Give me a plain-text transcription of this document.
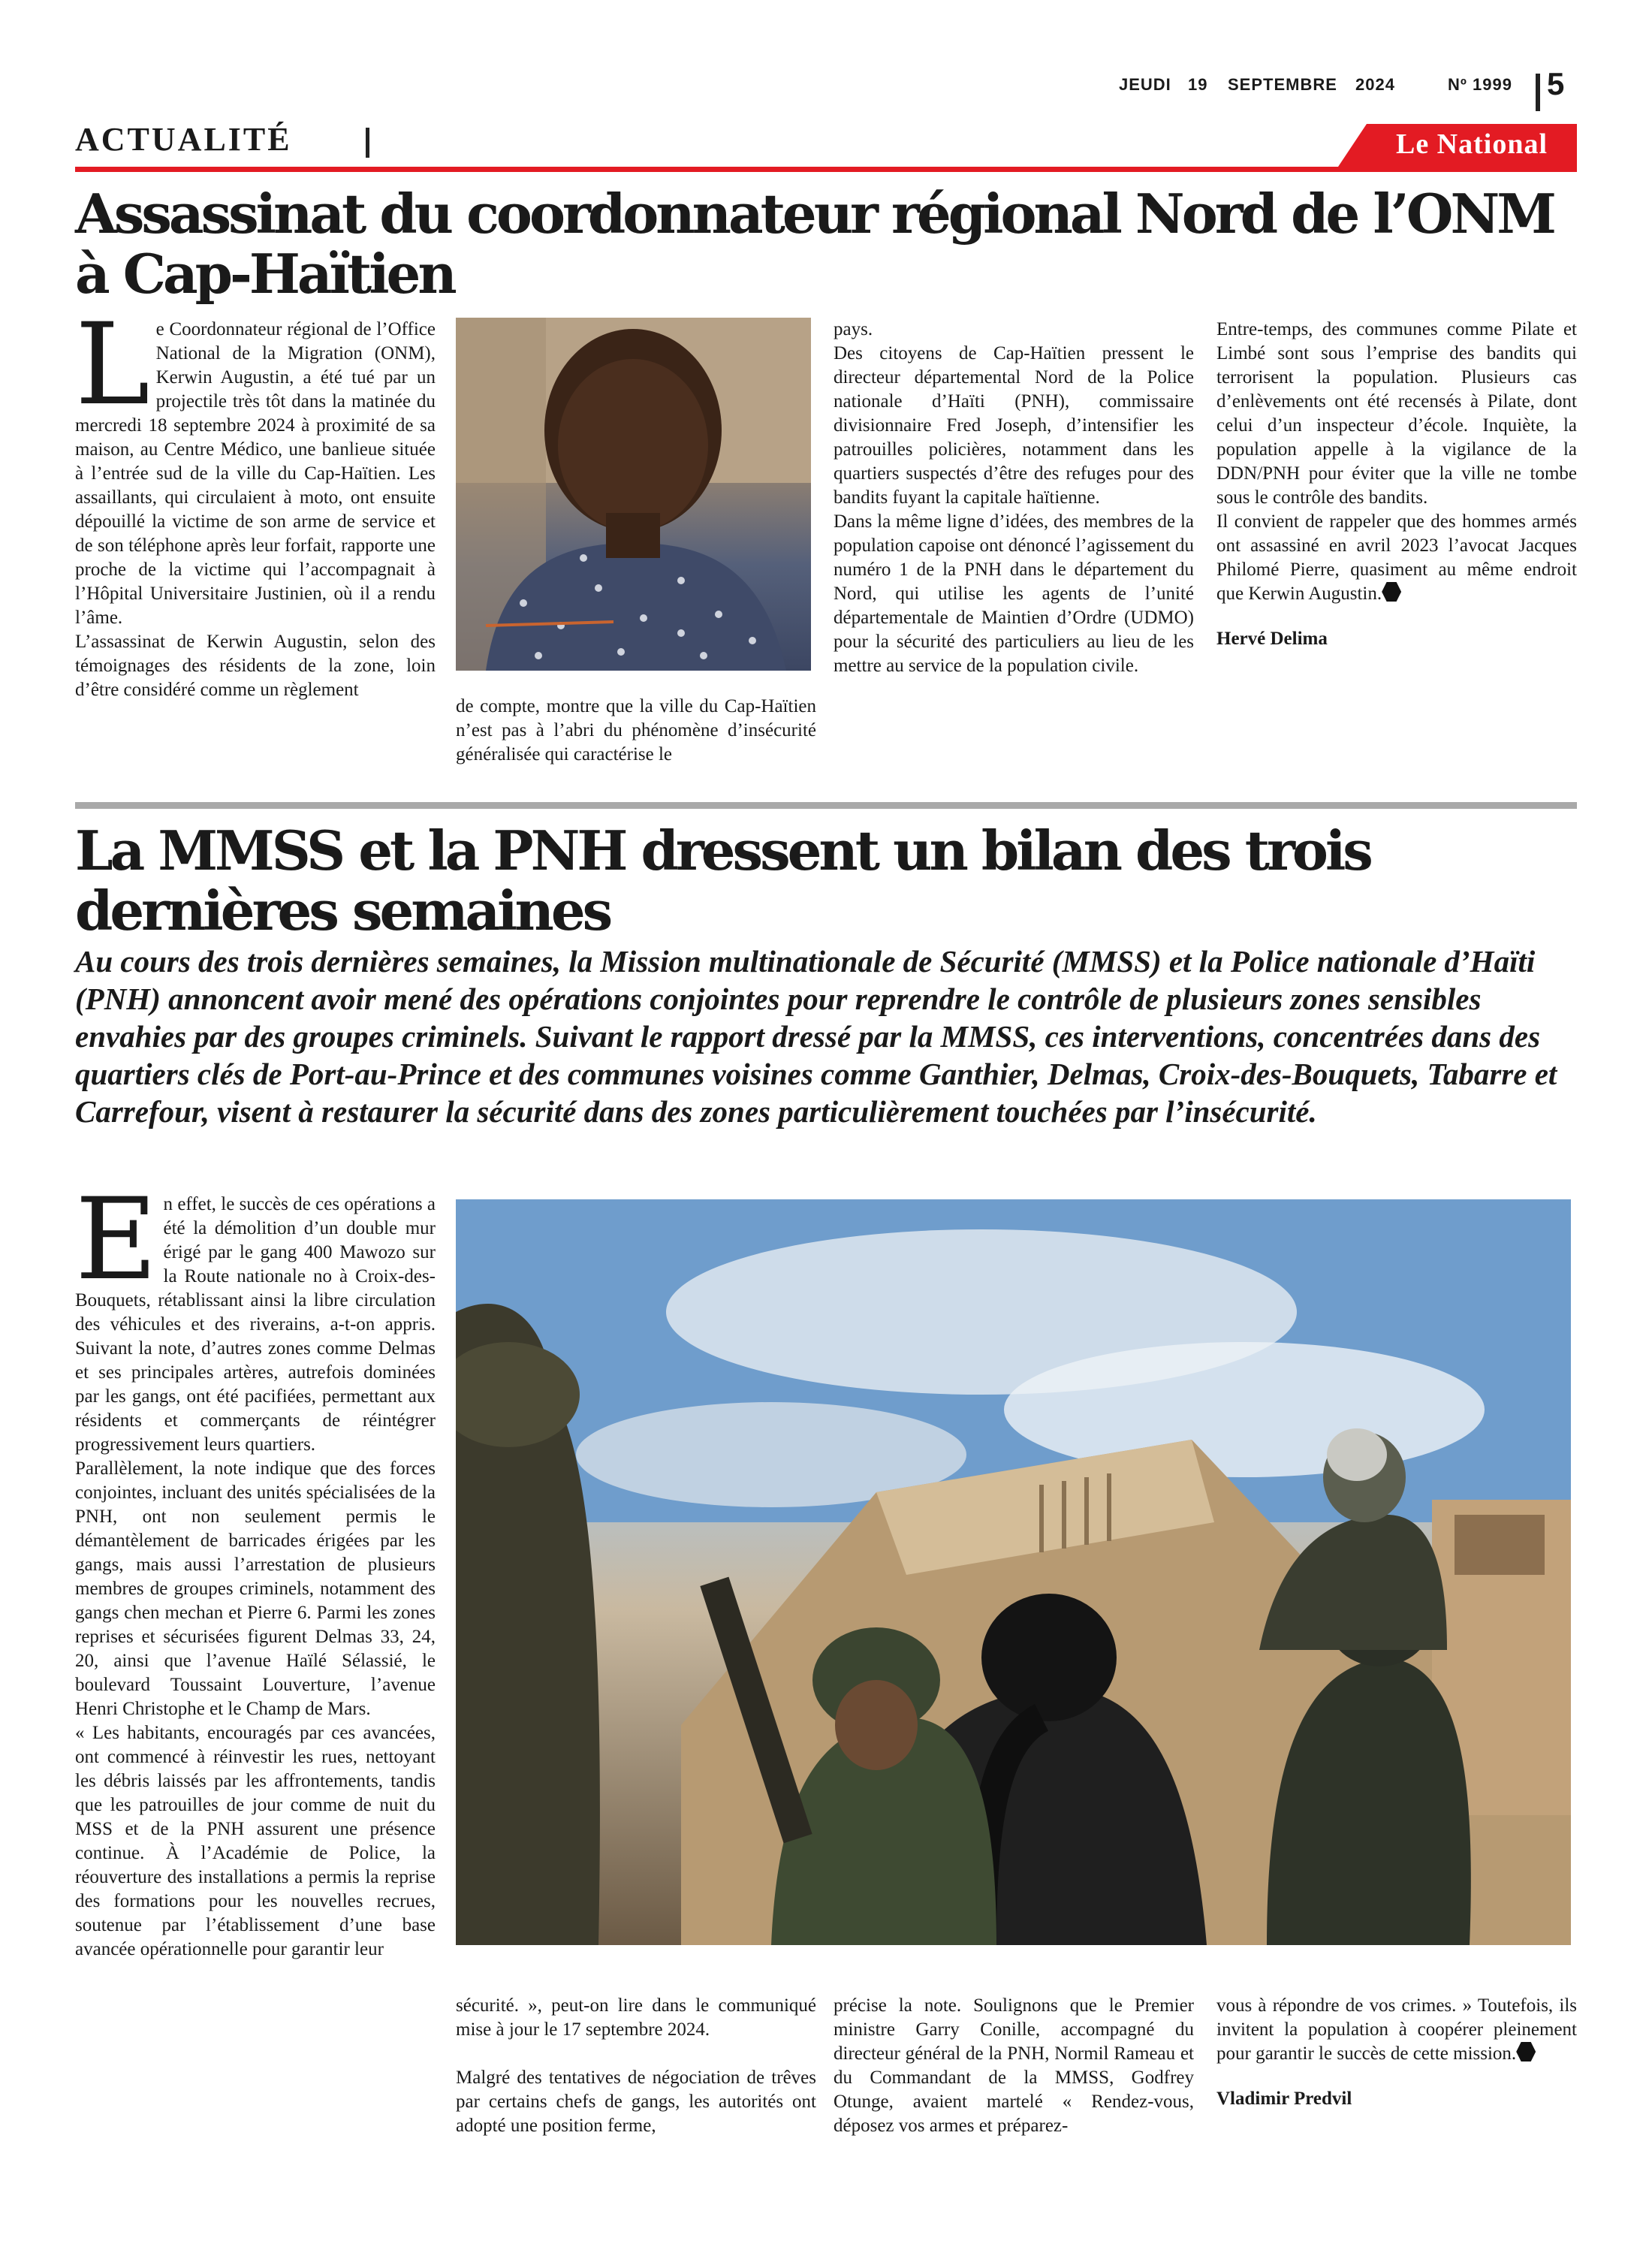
JEUDI 19 SEPTEMBRE 2024	Nº 1999 5
ACTUALITÉ	Le National
Assassinat du coordonnateur régional Nord de l’ONM à Cap-Haïtien
L e Coordonnateur régional de l’Office National de la Migration (ONM), Kerwin Augustin, a été tué par un projectile très tôt dans la matinée du mercredi 18 septembre 2024 à proximité de sa maison, au Centre Médico, une banlieue située à l’entrée sud de la ville du Cap-Haïtien. Les assaillants, qui circulaient à moto, ont ensuite dépouillé la victime de son arme de service et de son téléphone après leur forfait, rapporte une proche de la victime qui l’accompagnait à l’Hôpital Universitaire Justinien, où il a rendu l’âme.

L’assassinat de Kerwin Augustin, selon des témoignages des résidents de la zone, loin d’être considéré comme un règlement

de compte, montre que la ville du Cap-Haïtien n’est pas à l’abri du phénomène d’insécurité généralisée qui caractérise le

pays.

Des citoyens de Cap-Haïtien pressent le directeur départemental Nord de la Police nationale d’Haïti (PNH), commissaire divisionnaire Fred Joseph, d’intensifier les patrouilles policières, notamment dans les quartiers suspectés d’être des refuges pour des bandits fuyant la capitale haïtienne.

Dans la même ligne d’idées, des membres de la population capoise ont dénoncé l’agissement du numéro 1 de la PNH dans le département du Nord, qui utilise les agents de l’unité départementale de Maintien d’Ordre (UDMO) pour la sécurité des particuliers au lieu de les mettre au service de la population civile.

Entre-temps, des communes comme Pilate et Limbé sont sous l’emprise des bandits qui terrorisent la population. Plusieurs cas d’enlèvements ont été recensés à Pilate, dont celui d’un inspecteur d’école. Inquiète, la population appelle à la vigilance de la DDN/PNH pour éviter que la ville ne tombe sous le contrôle des bandits.

Il convient de rappeler que des hommes armés ont assassiné en avril 2023 l’avocat Jacques Philomé Pierre, quasiment au même endroit que Kerwin Augustin.

Hervé Delima

La MMSS et la PNH dressent un bilan des trois dernières semaines

Au cours des trois dernières semaines, la Mission multinationale de Sécurité (MMSS) et la Police nationale d’Haïti (PNH) annoncent avoir mené des opérations conjointes pour reprendre le contrôle de plusieurs zones sensibles envahies par des groupes criminels. Suivant le rapport dressé par la MMSS, ces interventions, concentrées dans des quartiers clés de Port-au-Prince et des communes voisines comme Ganthier, Delmas, Croix-des-Bouquets, Tabarre et Carrefour, visent à restaurer la sécurité dans des zones particulièrement touchées par l’insécurité.

E n effet, le succès de ces opérations a été la démolition d’un double mur érigé par le gang 400 Mawozo sur la Route nationale no à Croix-des-Bouquets, rétablissant ainsi la libre circulation des véhicules et des riverains, a-t-on appris. Suivant la note, d’autres zones comme Delmas et ses principales artères, autrefois dominées par les gangs, ont été pacifiées, permettant aux résidents et commerçants de réintégrer progressivement leurs quartiers.

Parallèlement, la note indique que des forces conjointes, incluant des unités spécialisées de la PNH, ont non seulement permis le démantèlement de barricades érigées par les gangs, mais aussi l’arrestation de plusieurs membres de groupes criminels, notamment des gangs chen mechan et Pierre 6. Parmi les zones reprises et sécurisées figurent Delmas 33, 24, 20, ainsi que l’avenue Haïlé Sélassié, le boulevard Toussaint Louverture, l’avenue Henri Christophe et le Champ de Mars.

« Les habitants, encouragés par ces avancées, ont commencé à réinvestir les rues, nettoyant les débris laissés par les affrontements, tandis que les patrouilles de jour comme de nuit du MSS et de la PNH assurent une présence continue. À l’Académie de Police, la réouverture des installations a permis la reprise des formations pour les nouvelles recrues, soutenue par l’établissement d’une base avancée opérationnelle pour garantir leur

sécurité. », peut-on lire dans le communiqué mise à jour le 17 septembre 2024.

Malgré des tentatives de négociation de trêves par certains chefs de gangs, les autorités ont adopté une position ferme,

précise la note. Soulignons que le Premier ministre Garry Conille, accompagné du directeur général de la PNH, Normil Rameau et du Commandant de la MMSS, Godfrey Otunge, avaient martelé « Rendez-vous, déposez vos armes et préparez-

vous à répondre de vos crimes. » Toutefois, ils invitent la population à coopérer pleinement pour garantir le succès de cette mission.

Vladimir Predvil
